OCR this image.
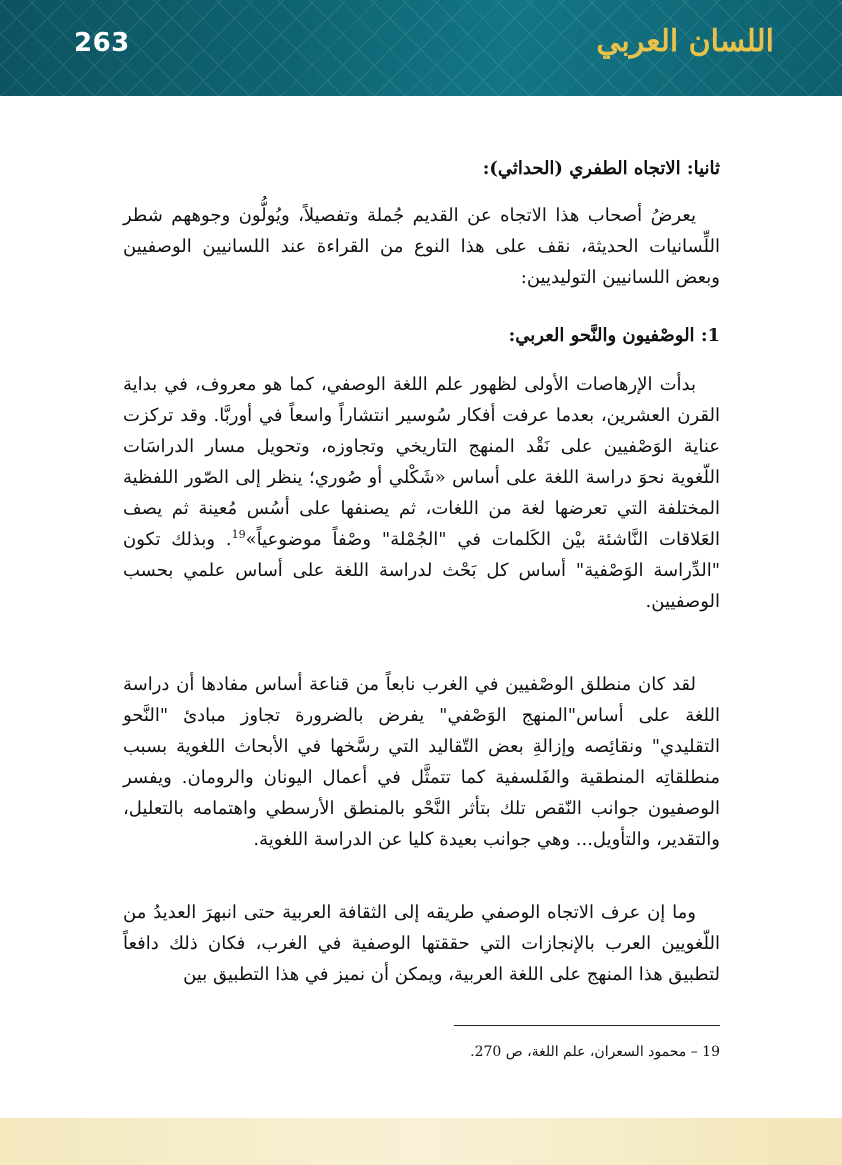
263	اللسان العربي

ثانيا: الاتجاه الطفري (الحداثي):

يعرضُ أصحاب هذا الاتجاه عن القديم جُملة وتفصيلاً، ويُولُّون وجوههم شطر اللِّسانيات الحديثة، نقف على هذا النوع من القراءة عند اللسانيين الوصفيين وبعض اللسانيين التوليديين:

1: الوصْفيون والنَّحو العربي:

بدأت الإرهاصات الأولى لظهور علم اللغة الوصفي، كما هو معروف، في بداية القرن العشرين، بعدما عرفت أفكار سُوسير انتشاراً واسعاً في أوربَّا. وقد تركزت عناية الوَصْفيين على نَقْد المنهج التاريخي وتجاوزه، وتحويل مسار الدراسَات اللّغوية نحوَ دراسة اللغة على أساس «شَكْلي أو صُوري؛ ينظر إلى الصّور اللفظية المختلفة التي تعرضها لغة من اللغات، ثم يصنفها على أسُس مُعينة ثم يصف العَلاقات النَّاشئة بيْن الكَلمات في "الجُمْلة" وصْفاً موضوعياً»$^{19}$. وبذلك تكون "الدِّراسة الوَصْفية" أساس كل بَحْث لدراسة اللغة على أساس علمي بحسب الوصفيين.

لقد كان منطلق الوصْفيين في الغرب نابعاً من قناعة أساس مفادها أن دراسة اللغة على أساس"المنهج الوَصْفي" يفرض بالضرورة تجاوز مبادئ "النَّحو التقليدي" ونقائِصه وإزالةِ بعض التّقاليد التي رسَّخها في الأبحاث اللغوية بسبب منطلقاتِه المنطقية والفَلسفية كما تتمثَّل في أعمال اليونان والرومان. ويفسر الوصفيون جوانب النّقص تلك بتأثر النَّحْو بالمنطق الأرسطي واهتمامه بالتعليل، والتقدير، والتأويل... وهي جوانب بعيدة كليا عن الدراسة اللغوية.

وما إن عرف الاتجاه الوصفي طريقه إلى الثقافة العربية حتى انبهرَ العديدُ من اللّغويين العرب بالإنجازات التي حققتها الوصفية في الغرب، فكان ذلك دافعاً لتطبيق هذا المنهج على اللغة العربية، ويمكن أن نميز في هذا التطبيق بين

19 – محمود السعران، علم اللغة، ص 270.
